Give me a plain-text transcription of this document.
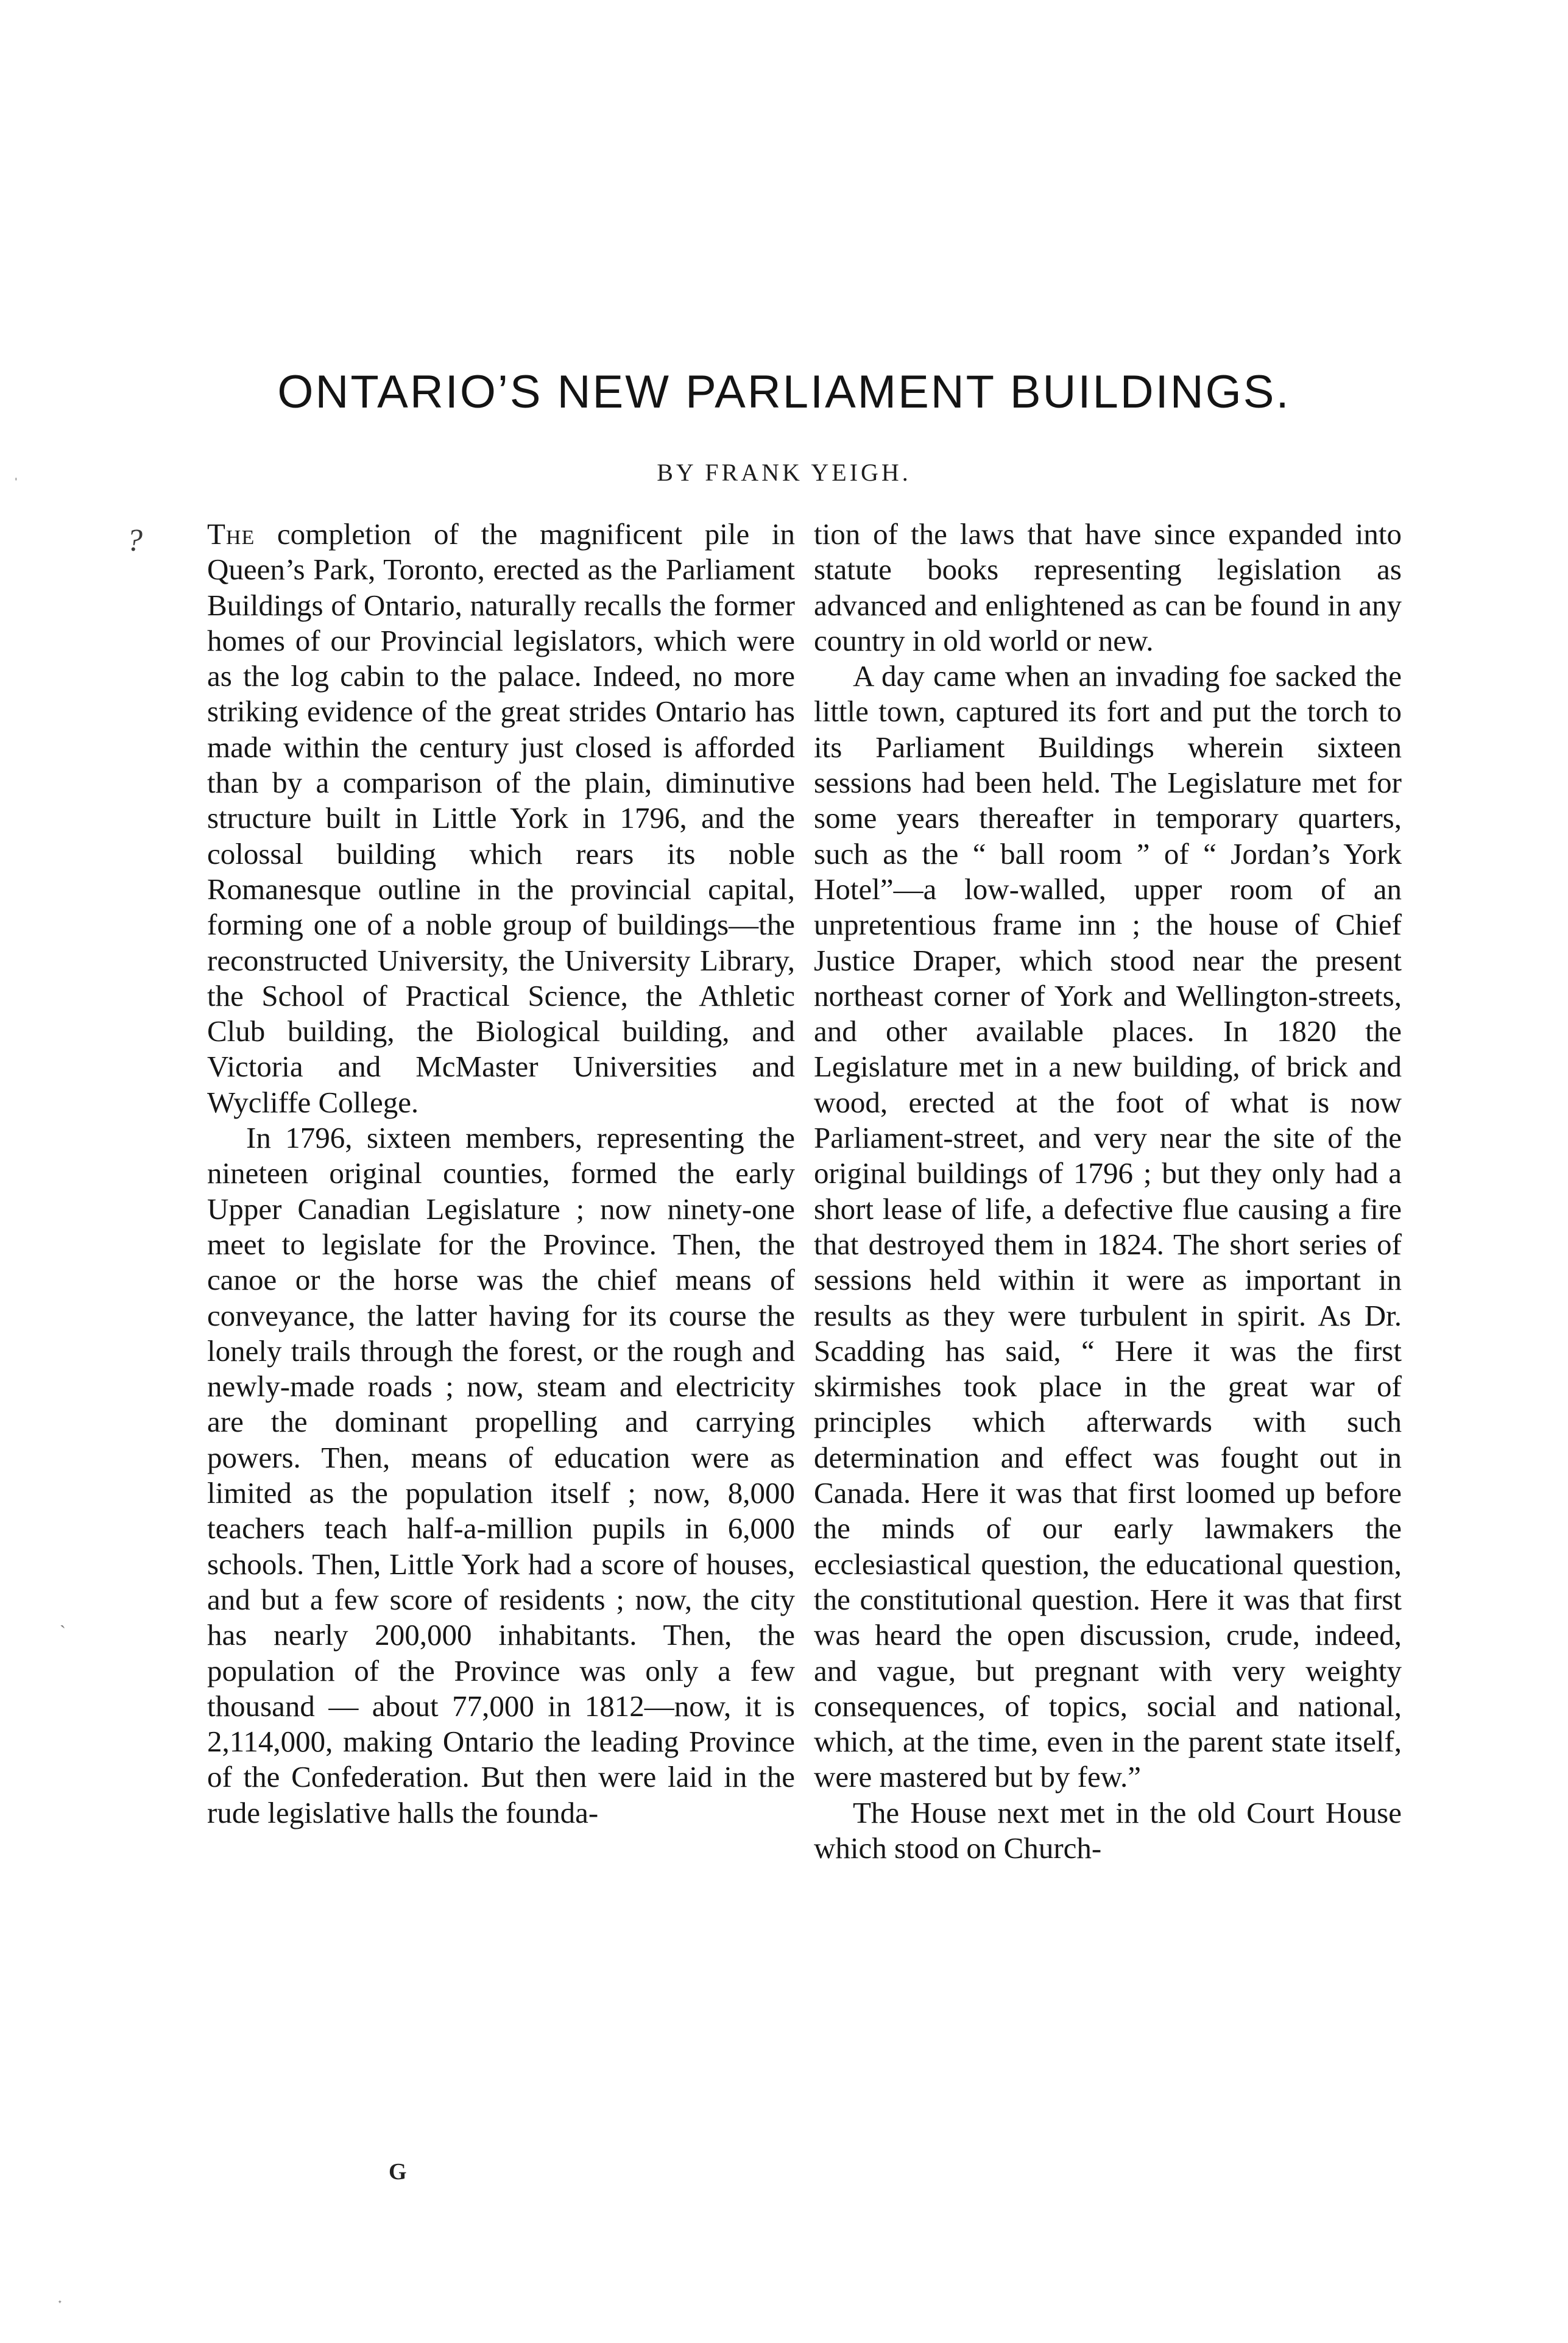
ONTARIO’S NEW PARLIAMENT BUILDINGS.
BY FRANK YEIGH.

The completion of the magnificent pile in Queen’s Park, Toronto, erected as the Parliament Buildings of Ontario, naturally recalls the former homes of our Provincial legislators, which were as the log cabin to the palace. Indeed, no more striking evidence of the great strides Ontario has made within the century just closed is afforded than by a comparison of the plain, diminutive structure built in Little York in 1796, and the colossal building which rears its noble Romanesque outline in the provincial capital, forming one of a noble group of buildings—the reconstructed University, the University Library, the School of Practical Science, the Athletic Club building, the Biological building, and Victoria and McMaster Universities and Wycliffe College.

In 1796, sixteen members, representing the nineteen original counties, formed the early Upper Canadian Legislature ; now ninety-one meet to legislate for the Province. Then, the canoe or the horse was the chief means of conveyance, the latter having for its course the lonely trails through the forest, or the rough and newly-made roads ; now, steam and electricity are the dominant propelling and carrying powers. Then, means of education were as limited as the population itself ; now, 8,000 teachers teach half-a-million pupils in 6,000 schools. Then, Little York had a score of houses, and but a few score of residents ; now, the city has nearly 200,000 inhabitants. Then, the population of the Province was only a few thousand — about 77,000 in 1812—now, it is 2,114,000, making Ontario the leading Province of the Confederation. But then were laid in the rude legislative halls the founda-

tion of the laws that have since expanded into statute books representing legislation as advanced and enlightened as can be found in any country in old world or new.

A day came when an invading foe sacked the little town, captured its fort and put the torch to its Parliament Buildings wherein sixteen sessions had been held. The Legislature met for some years thereafter in temporary quarters, such as the “ ball room ” of “ Jordan’s York Hotel”—a low-walled, upper room of an unpretentious frame inn ; the house of Chief Justice Draper, which stood near the present northeast corner of York and Wellington-streets, and other available places. In 1820 the Legislature met in a new building, of brick and wood, erected at the foot of what is now Parliament-street, and very near the site of the original buildings of 1796 ; but they only had a short lease of life, a defective flue causing a fire that destroyed them in 1824. The short series of sessions held within it were as important in results as they were turbulent in spirit. As Dr. Scadding has said, “ Here it was the first skirmishes took place in the great war of principles which afterwards with such determination and effect was fought out in Canada. Here it was that first loomed up before the minds of our early lawmakers the ecclesiastical question, the educational question, the constitutional question. Here it was that first was heard the open discussion, crude, indeed, and vague, but pregnant with very weighty consequences, of topics, social and national, which, at the time, even in the parent state itself, were mastered but by few.”

The House next met in the old Court House which stood on Church-

G
?
ˌ
ˏ
˖
